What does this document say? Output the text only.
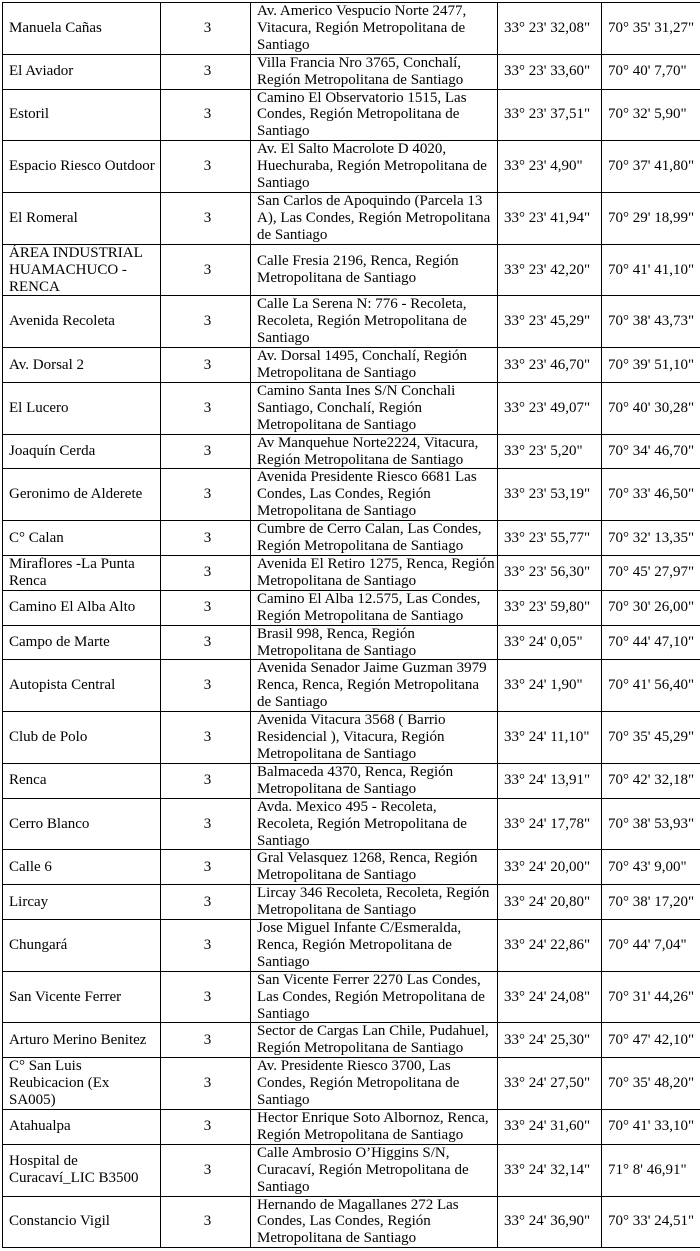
Manuela Cañas	3	Av. Americo Vespucio Norte 2477, Vitacura, Región Metropolitana de Santiago	33° 23' 32,08"	70° 35' 31,27"
El Aviador	3	Villa Francia Nro 3765, Conchalí, Región Metropolitana de Santiago	33° 23' 33,60"	70° 40' 7,70"
Estoril	3	Camino El Observatorio 1515, Las Condes, Región Metropolitana de Santiago	33° 23' 37,51"	70° 32' 5,90"
Espacio Riesco Outdoor	3	Av. El Salto Macrolote D 4020, Huechuraba, Región Metropolitana de Santiago	33° 23' 4,90"	70° 37' 41,80"
El Romeral	3	San Carlos de Apoquindo (Parcela 13 A), Las Condes, Región Metropolitana de Santiago	33° 23' 41,94"	70° 29' 18,99"
ÁREA INDUSTRIAL HUAMACHUCO - RENCA	3	Calle Fresia 2196, Renca, Región Metropolitana de Santiago	33° 23' 42,20"	70° 41' 41,10"
Avenida Recoleta	3	Calle La Serena N: 776 - Recoleta, Recoleta, Región Metropolitana de Santiago	33° 23' 45,29"	70° 38' 43,73"
Av. Dorsal 2	3	Av. Dorsal 1495, Conchalí, Región Metropolitana de Santiago	33° 23' 46,70"	70° 39' 51,10"
El Lucero	3	Camino Santa Ines S/N Conchali Santiago, Conchalí, Región Metropolitana de Santiago	33° 23' 49,07"	70° 40' 30,28"
Joaquín Cerda	3	Av Manquehue Norte2224, Vitacura, Región Metropolitana de Santiago	33° 23' 5,20"	70° 34' 46,70"
Geronimo de Alderete	3	Avenida Presidente Riesco 6681 Las Condes, Las Condes, Región Metropolitana de Santiago	33° 23' 53,19"	70° 33' 46,50"
C° Calan	3	Cumbre de Cerro Calan, Las Condes, Región Metropolitana de Santiago	33° 23' 55,77"	70° 32' 13,35"
Miraflores -La Punta Renca	3	Avenida El Retiro 1275, Renca, Región Metropolitana de Santiago	33° 23' 56,30"	70° 45' 27,97"
Camino El Alba Alto	3	Camino El Alba 12.575, Las Condes, Región Metropolitana de Santiago	33° 23' 59,80"	70° 30' 26,00"
Campo de Marte	3	Brasil 998, Renca, Región Metropolitana de Santiago	33° 24' 0,05"	70° 44' 47,10"
Autopista Central	3	Avenida Senador Jaime Guzman 3979 Renca, Renca, Región Metropolitana de Santiago	33° 24' 1,90"	70° 41' 56,40"
Club de Polo	3	Avenida Vitacura 3568 ( Barrio Residencial ), Vitacura, Región Metropolitana de Santiago	33° 24' 11,10"	70° 35' 45,29"
Renca	3	Balmaceda 4370, Renca, Región Metropolitana de Santiago	33° 24' 13,91"	70° 42' 32,18"
Cerro Blanco	3	Avda. Mexico 495 - Recoleta, Recoleta, Región Metropolitana de Santiago	33° 24' 17,78"	70° 38' 53,93"
Calle 6	3	Gral Velasquez 1268, Renca, Región Metropolitana de Santiago	33° 24' 20,00"	70° 43' 9,00"
Lircay	3	Lircay 346 Recoleta, Recoleta, Región Metropolitana de Santiago	33° 24' 20,80"	70° 38' 17,20"
Chungará	3	Jose Miguel Infante C/Esmeralda, Renca, Región Metropolitana de Santiago	33° 24' 22,86"	70° 44' 7,04"
San Vicente Ferrer	3	San Vicente Ferrer 2270 Las Condes, Las Condes, Región Metropolitana de Santiago	33° 24' 24,08"	70° 31' 44,26"
Arturo Merino Benitez	3	Sector de Cargas Lan Chile, Pudahuel, Región Metropolitana de Santiago	33° 24' 25,30"	70° 47' 42,10"
C° San Luis Reubicacion (Ex SA005)	3	Av. Presidente Riesco 3700, Las Condes, Región Metropolitana de Santiago	33° 24' 27,50"	70° 35' 48,20"
Atahualpa	3	Hector Enrique Soto Albornoz, Renca, Región Metropolitana de Santiago	33° 24' 31,60"	70° 41' 33,10"
Hospital de Curacaví_LIC B3500	3	Calle Ambrosio O’Higgins S/N, Curacaví, Región Metropolitana de Santiago	33° 24' 32,14"	71° 8' 46,91"
Constancio Vigil	3	Hernando de Magallanes 272 Las Condes, Las Condes, Región Metropolitana de Santiago	33° 24' 36,90"	70° 33' 24,51"
